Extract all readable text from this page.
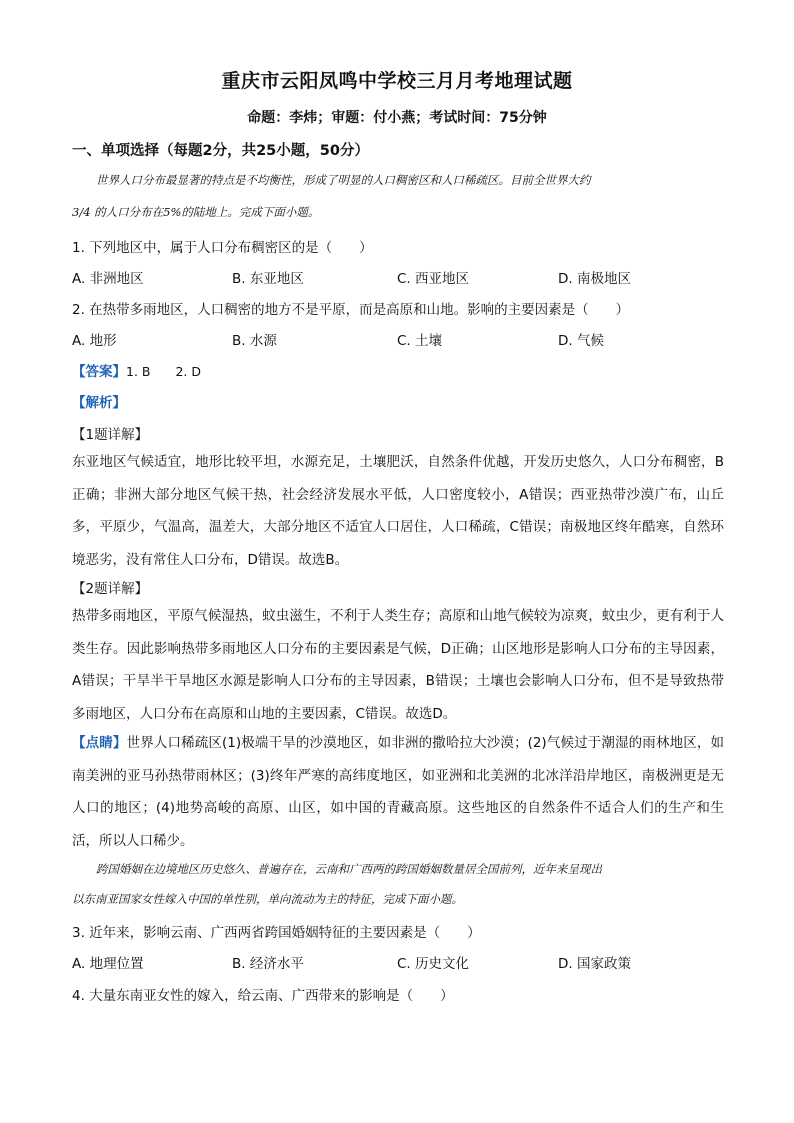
重庆市云阳凤鸣中学校三月月考地理试题
命题：李炜；审题：付小燕；考试时间：75分钟
一、单项选择（每题2分，共25小题，50分）
世界人口分布最显著的特点是不均衡性，形成了明显的人口稠密区和人口稀疏区。目前全世界大约
3/4 的人口分布在5%的陆地上。完成下面小题。
1. 下列地区中，属于人口分布稠密区的是（　　）
A. 非洲地区	B. 东亚地区	C. 西亚地区	D. 南极地区
2. 在热带多雨地区，人口稠密的地方不是平原，而是高原和山地。影响的主要因素是（　　）
A. 地形	B. 水源	C. 土壤	D. 气候
【答案】1. B　　2. D
【解析】
【1题详解】
东亚地区气候适宜，地形比较平坦，水源充足，土壤肥沃，自然条件优越，开发历史悠久，人口分布稠密，B正确；非洲大部分地区气候干热，社会经济发展水平低，人口密度较小，A错误；西亚热带沙漠广布，山丘多，平原少，气温高，温差大，大部分地区不适宜人口居住，人口稀疏，C错误；南极地区终年酷寒，自然环境恶劣，没有常住人口分布，D错误。故选B。
【2题详解】
热带多雨地区，平原气候湿热，蚊虫滋生，不利于人类生存；高原和山地气候较为凉爽，蚊虫少，更有利于人类生存。因此影响热带多雨地区人口分布的主要因素是气候，D正确；山区地形是影响人口分布的主导因素，A错误；干旱半干旱地区水源是影响人口分布的主导因素，B错误；土壤也会影响人口分布，但不是导致热带多雨地区，人口分布在高原和山地的主要因素，C错误。故选D。
【点睛】世界人口稀疏区(1)极端干旱的沙漠地区，如非洲的撒哈拉大沙漠；(2)气候过于潮湿的雨林地区，如南美洲的亚马孙热带雨林区；(3)终年严寒的高纬度地区，如亚洲和北美洲的北冰洋沿岸地区，南极洲更是无人口的地区；(4)地势高峻的高原、山区，如中国的青藏高原。这些地区的自然条件不适合人们的生产和生活，所以人口稀少。
跨国婚姻在边境地区历史悠久、普遍存在，云南和广西两的跨国婚姻数量居全国前列，近年来呈现出
以东南亚国家女性嫁入中国的单性别，单向流动为主的特征，完成下面小题。
3. 近年来，影响云南、广西两省跨国婚姻特征的主要因素是（　　）
A. 地理位置	B. 经济水平	C. 历史文化	D. 国家政策
4. 大量东南亚女性的嫁入，给云南、广西带来的影响是（　　）
